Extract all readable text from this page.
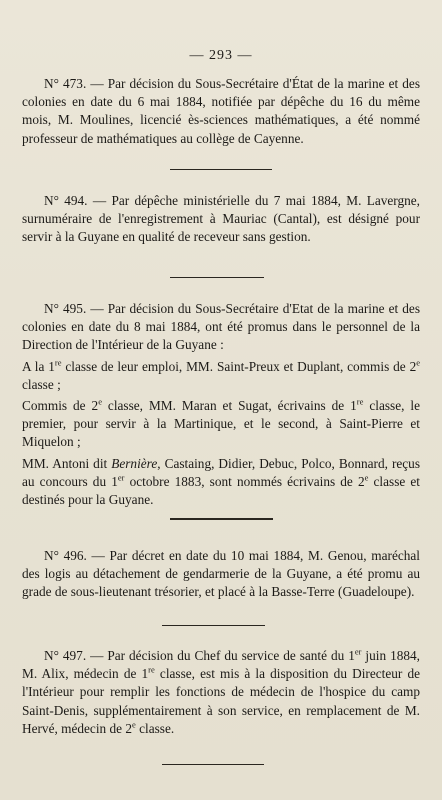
— 293 —

N° 473. — Par décision du Sous-Secrétaire d'État de la marine et des colonies en date du 6 mai 1884, notifiée par dépêche du 16 du même mois, M. Moulines, licencié ès-sciences mathématiques, a été nommé professeur de mathématiques au collège de Cayenne.

N° 494. — Par dépêche ministérielle du 7 mai 1884, M. Lavergne, surnuméraire de l'enregistrement à Mauriac (Cantal), est désigné pour servir à la Guyane en qualité de receveur sans gestion.

N° 495. — Par décision du Sous-Secrétaire d'Etat de la marine et des colonies en date du 8 mai 1884, ont été promus dans le personnel de la Direction de l'Intérieur de la Guyane :

A la 1re classe de leur emploi, MM. Saint-Preux et Duplant, commis de 2e classe ;

Commis de 2e classe, MM. Maran et Sugat, écrivains de 1re classe, le premier, pour servir à la Martinique, et le second, à Saint-Pierre et Miquelon ;

MM. Antoni dit Bernière, Castaing, Didier, Debuc, Polco, Bonnard, reçus au concours du 1er octobre 1883, sont nommés écrivains de 2e classe et destinés pour la Guyane.

N° 496. — Par décret en date du 10 mai 1884, M. Genou, maréchal des logis au détachement de gendarmerie de la Guyane, a été promu au grade de sous-lieutenant trésorier, et placé à la Basse-Terre (Guadeloupe).

N° 497. — Par décision du Chef du service de santé du 1er juin 1884, M. Alix, médecin de 1re classe, est mis à la disposition du Directeur de l'Intérieur pour remplir les fonctions de médecin de l'hospice du camp Saint-Denis, supplémentairement à son service, en remplacement de M. Hervé, médecin de 2e classe.
